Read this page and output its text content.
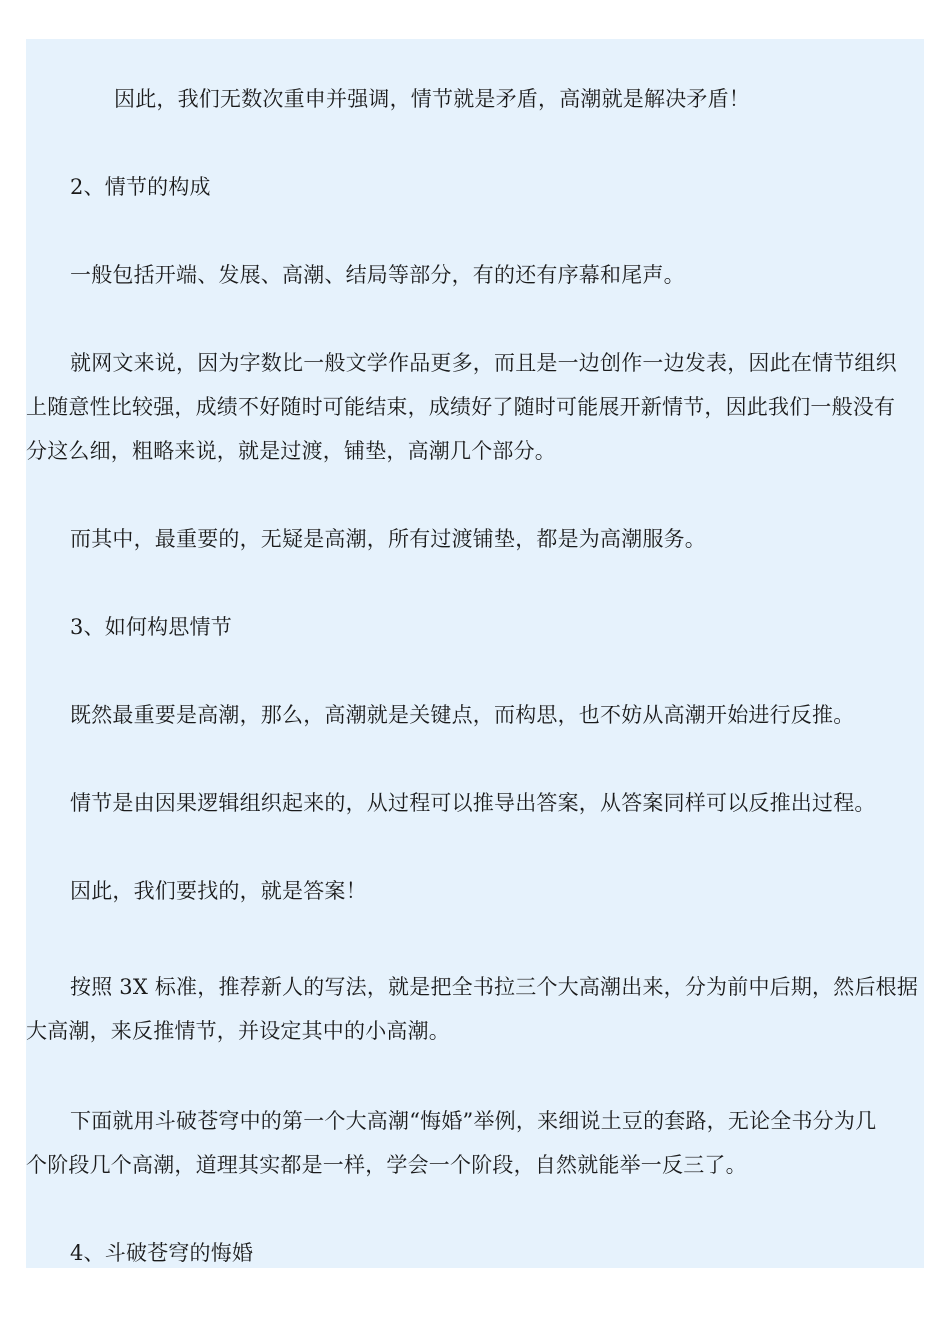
因此，我们无数次重申并强调，情节就是矛盾，高潮就是解决矛盾！
2、情节的构成
一般包括开端、发展、高潮、结局等部分，有的还有序幕和尾声。
就网文来说，因为字数比一般文学作品更多，而且是一边创作一边发表，因此在情节组织
上随意性比较强，成绩不好随时可能结束，成绩好了随时可能展开新情节，因此我们一般没有
分这么细，粗略来说，就是过渡，铺垫，高潮几个部分。
而其中，最重要的，无疑是高潮，所有过渡铺垫，都是为高潮服务。
3、如何构思情节
既然最重要是高潮，那么，高潮就是关键点，而构思，也不妨从高潮开始进行反推。
情节是由因果逻辑组织起来的，从过程可以推导出答案，从答案同样可以反推出过程。
因此，我们要找的，就是答案！
按照 3X 标准，推荐新人的写法，就是把全书拉三个大高潮出来，分为前中后期，然后根据
大高潮，来反推情节，并设定其中的小高潮。
下面就用斗破苍穹中的第一个大高潮“悔婚”举例，来细说土豆的套路，无论全书分为几
个阶段几个高潮，道理其实都是一样，学会一个阶段，自然就能举一反三了。
4、斗破苍穹的悔婚
